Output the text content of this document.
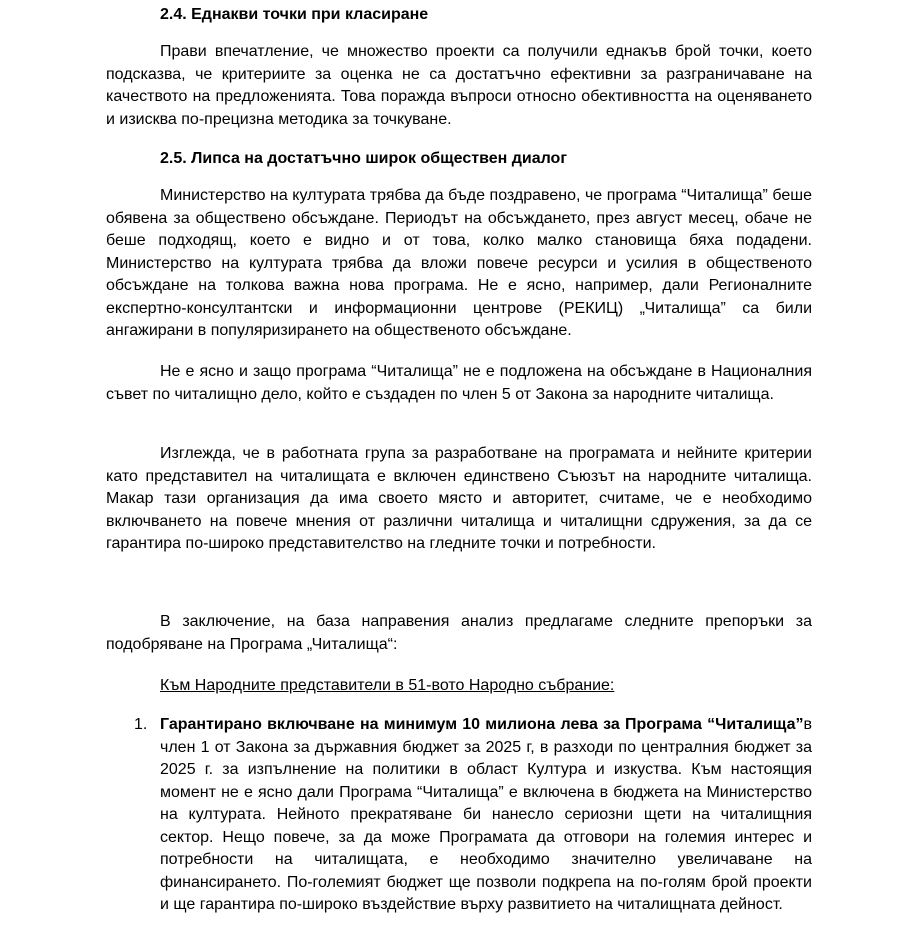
2.4. Еднакви точки при класиране

Прави впечатление, че множество проекти са получили еднакъв брой точки, което подсказва, че критериите за оценка не са достатъчно ефективни за разграничаване на качеството на предложенията. Това поражда въпроси относно обективността на оценяването и изисква по-прецизна методика за точкуване.

2.5. Липса на достатъчно широк обществен диалог

Министерство на културата трябва да бъде поздравено, че програма “Читалища” беше обявена за обществено обсъждане. Периодът на обсъждането, през август месец, обаче не беше подходящ, което е видно и от това, колко малко становища бяха подадени. Министерство на културата трябва да вложи повече ресурси и усилия в общественото обсъждане на толкова важна нова програма. Не е ясно, например, дали Регионалните експертно-консултантски и информационни центрове (РЕКИЦ) „Читалища” са били ангажирани в популяризирането на общественото обсъждане.

Не е ясно и защо програма “Читалища” не е подложена на обсъждане в Националния съвет по читалищно дело, който е създаден по член 5 от Закона за народните читалища.

Изглежда, че в работната група за разработване на програмата и нейните критерии като представител на читалищата е включен единствено Съюзът на народните читалища. Макар тази организация да има своето място и авторитет, считаме, че е необходимо включването на повече мнения от различни читалища и читалищни сдружения, за да се гарантира по-широко представителство на гледните точки и потребности.

В заключение, на база направения анализ предлагаме следните препоръки за подобряване на Програма „Читалища“:

Към Народните представители в 51-вото Народно събрание:
1. Гарантирано включване на минимум 10 милиона лева за Програма “Читалища”в член 1 от Закона за държавния бюджет за 2025 г, в разходи по централния бюджет за 2025 г. за изпълнение на политики в област Култура и изкуства. Към настоящия момент не е ясно дали Програма “Читалища” е включена в бюджета на Министерство на културата. Нейното прекратяване би нанесло сериозни щети на читалищния сектор. Нещо повече, за да може Програмата да отговори на големия интерес и потребности на читалищата, е необходимо значително увеличаване на финансирането. По-големият бюджет ще позволи подкрепа на по-голям брой проекти и ще гарантира по-широко въздействие върху развитието на читалищната дейност.
